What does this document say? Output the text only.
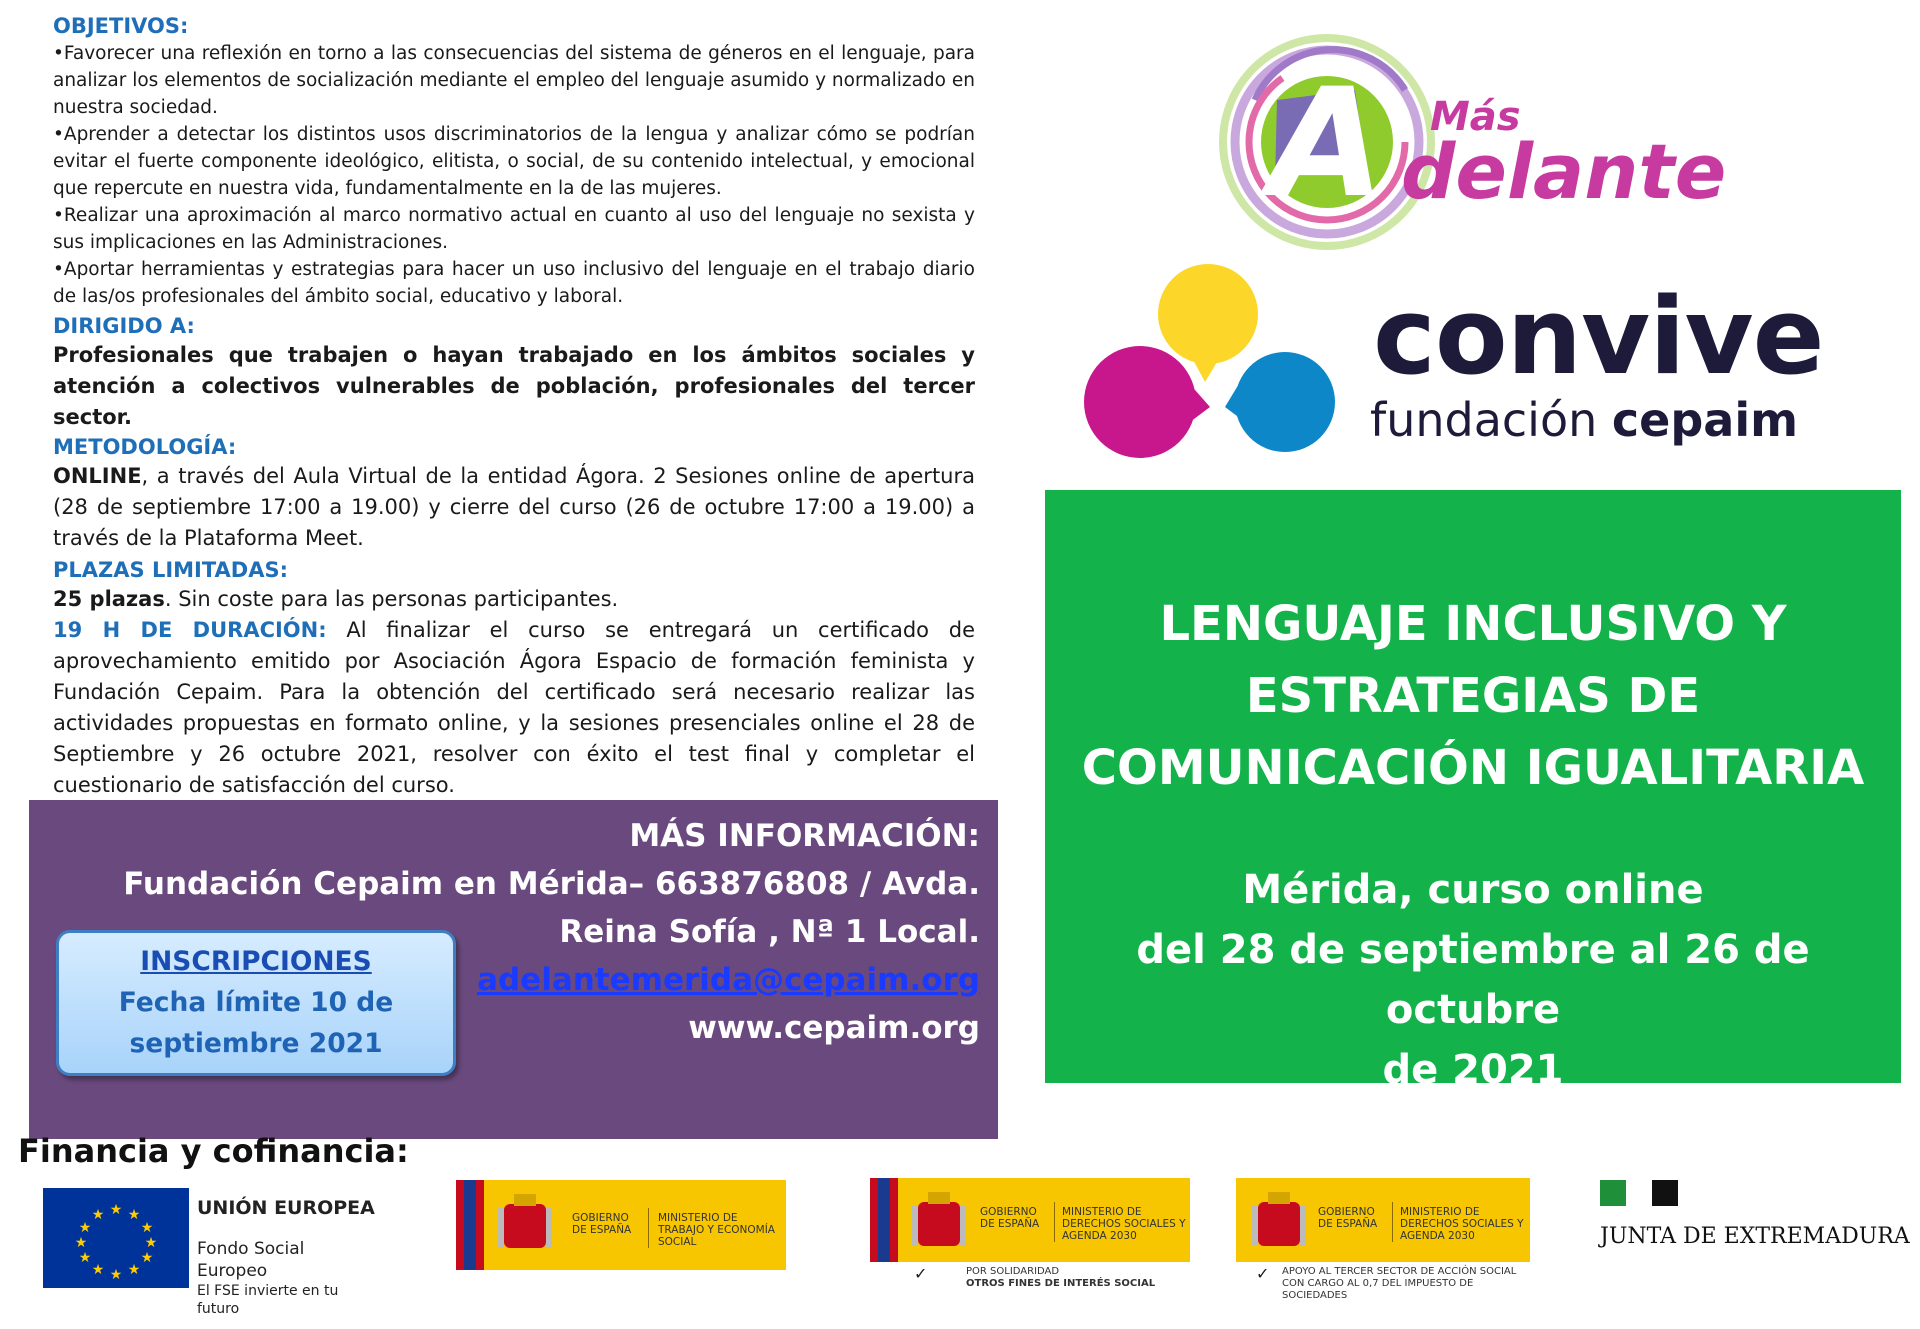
OBJETIVOS:

•Favorecer una reflexión en torno a las consecuencias del sistema de géneros en el lenguaje, para analizar los elementos de socialización mediante el empleo del lenguaje asumido y normalizado en nuestra sociedad.

•Aprender a detectar los distintos usos discriminatorios de la lengua y analizar cómo se podrían evitar el fuerte componente ideológico, elitista, o social, de su contenido intelectual, y emocional que repercute en nuestra vida, fundamentalmente en la de las mujeres.

•Realizar una aproximación al marco normativo actual en cuanto al uso del lenguaje no sexista y sus implicaciones en las Administraciones.

•Aportar herramientas y estrategias para hacer un uso inclusivo del lenguaje en el trabajo diario de las/os profesionales del ámbito social, educativo y laboral.

DIRIGIDO A:

Profesionales que trabajen o hayan trabajado en los ámbitos sociales y atención a colectivos vulnerables de población, profesionales del tercer sector.

METODOLOGÍA:

ONLINE, a través del Aula Virtual de la entidad Ágora. 2 Sesiones online de apertura (28 de septiembre 17:00 a 19.00) y cierre del curso (26 de octubre 17:00 a 19.00) a través de la Plataforma Meet.

PLAZAS LIMITADAS:

25 plazas. Sin coste para las personas participantes.

19 H DE DURACIÓN: Al finalizar el curso se entregará un certificado de aprovechamiento emitido por Asociación Ágora Espacio de formación feminista y Fundación Cepaim. Para la obtención del certificado será necesario realizar las actividades propuestas en formato online, y la sesiones presenciales online el 28 de Septiembre y 26 octubre 2021, resolver con éxito el test final y completar el cuestionario de satisfacción del curso.

MÁS INFORMACIÓN:
Fundación Cepaim en Mérida– 663876808 / Avda.
Reina Sofía , Nª 1 Local.
adelantemerida@cepaim.org
www.cepaim.org
INSCRIPCIONES
Fecha límite 10 de
septiembre 2021
A Más
delante
convive
fundación cepaim
LENGUAJE INCLUSIVO Y
ESTRATEGIAS DE
COMUNICACIÓN IGUALITARIA
Mérida, curso online
del 28 de septiembre al 26 de octubre
de 2021
Financia y cofinancia:
★ ★
★
★
★
★
★
★
★
★
★
★	UNIÓN EUROPEA
Fondo Social Europeo
El FSE invierte en tu futuro
GOBIERNO DE ESPAÑA
MINISTERIO DE TRABAJO Y ECONOMÍA SOCIAL
GOBIERNO DE ESPAÑA
MINISTERIO DE DERECHOS SOCIALES Y AGENDA 2030
✓	POR SOLIDARIDAD
OTROS FINES DE INTERÉS SOCIAL
GOBIERNO DE ESPAÑA
MINISTERIO DE DERECHOS SOCIALES Y AGENDA 2030
✓ APOYO AL TERCER SECTOR DE ACCIÓN SOCIAL
CON CARGO AL 0,7 DEL IMPUESTO DE SOCIEDADES
JUNTA DE EXTREMADURA
